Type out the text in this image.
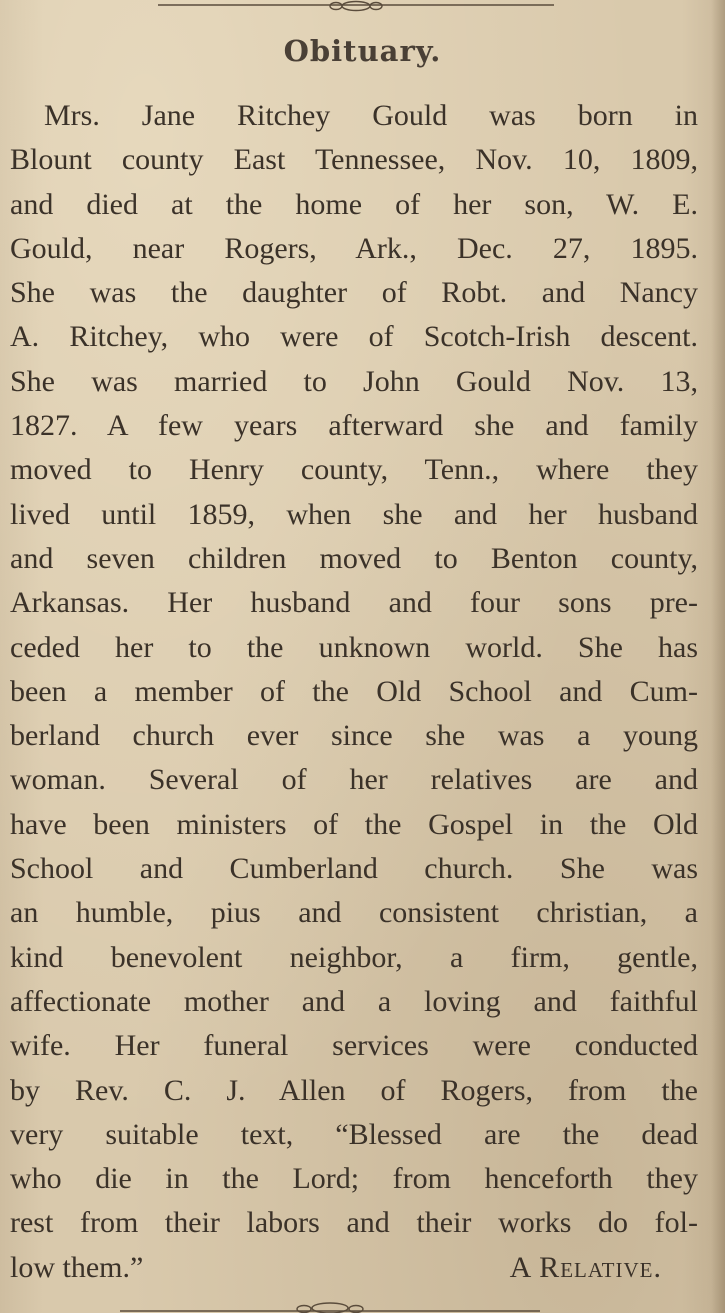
Obituary.
Mrs. Jane Ritchey Gould was born in
Blount county East Tennessee, Nov. 10, 1809,
and died at the home of her son, W. E.
Gould, near Rogers, Ark., Dec. 27, 1895.
She was the daughter of Robt. and Nancy
A. Ritchey, who were of Scotch-Irish descent.
She was married to John Gould Nov. 13,
1827. A few years afterward she and family
moved to Henry county, Tenn., where they
lived until 1859, when she and her husband
and seven children moved to Benton county,
Arkansas. Her husband and four sons pre-
ceded her to the unknown world. She has
been a member of the Old School and Cum-
berland church ever since she was a young
woman. Several of her relatives are and
have been ministers of the Gospel in the Old
School and Cumberland church. She was
an humble, pius and consistent christian, a
kind benevolent neighbor, a firm, gentle,
affectionate mother and a loving and faithful
wife. Her funeral services were conducted
by Rev. C. J. Allen of Rogers, from the
very suitable text, “Blessed are the dead
who die in the Lord; from henceforth they
rest from their labors and their works do fol-
low them.”	A Relative.
